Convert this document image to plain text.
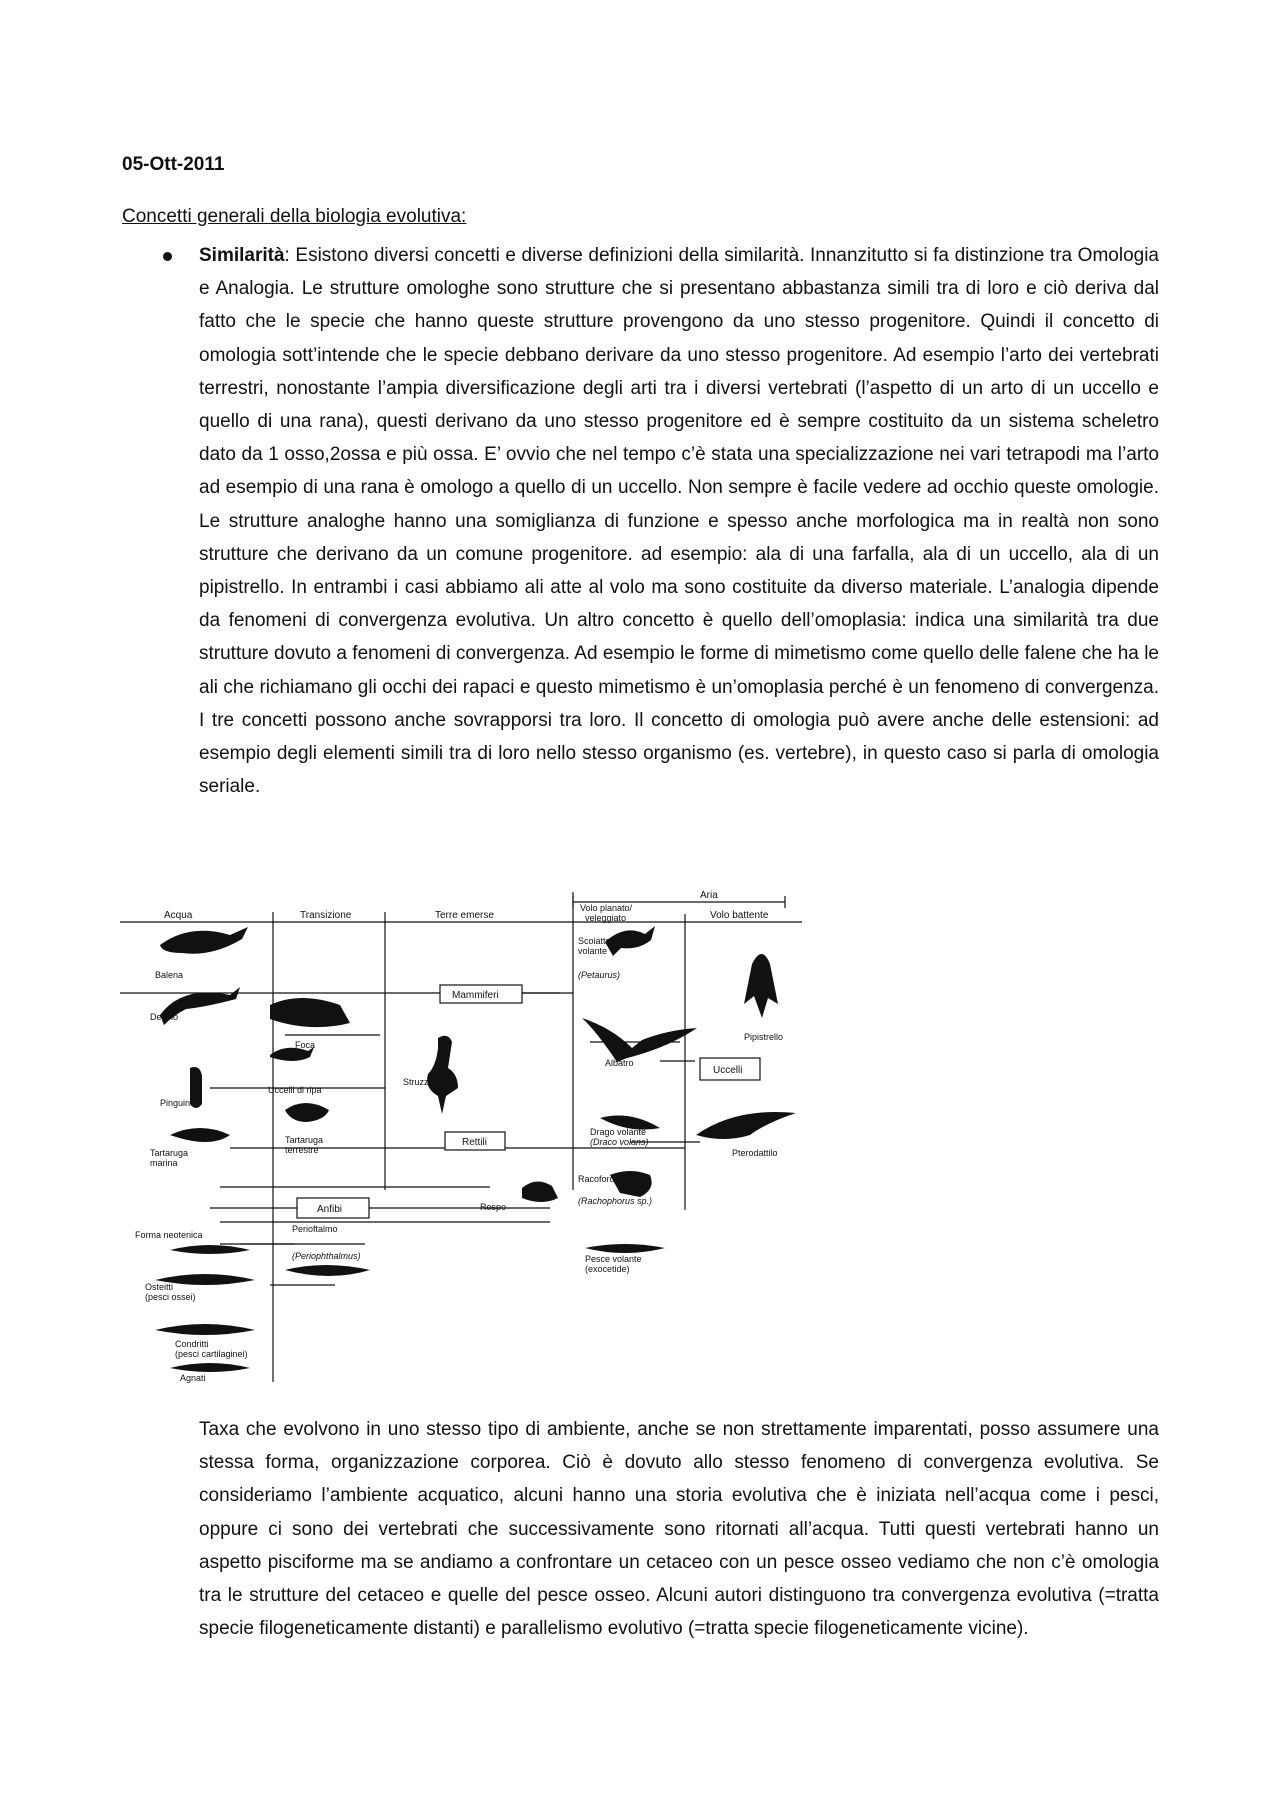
05-Ott-2011
Concetti generali della biologia evolutiva:

Similarità: Esistono diversi concetti e diverse definizioni della similarità. Innanzitutto si fa distinzione tra Omologia e Analogia. Le strutture omologhe sono strutture che si presentano abbastanza simili tra di loro e ciò deriva dal fatto che le specie che hanno queste strutture provengono da uno stesso progenitore. Quindi il concetto di omologia sott’intende che le specie debbano derivare da uno stesso progenitore. Ad esempio l’arto dei vertebrati terrestri, nonostante l’ampia diversificazione degli arti tra i diversi vertebrati (l’aspetto di un arto di un uccello e quello di una rana), questi derivano da uno stesso progenitore ed è sempre costituito da un sistema scheletro dato da 1 osso,2ossa e più ossa. E’ ovvio che nel tempo c’è stata una specializzazione nei vari tetrapodi ma l’arto ad esempio di una rana è omologo a quello di un uccello. Non sempre è facile vedere ad occhio queste omologie. Le strutture analoghe hanno una somiglianza di funzione e spesso anche morfologica ma in realtà non sono strutture che derivano da un comune progenitore. ad esempio: ala di una farfalla, ala di un uccello, ala di un pipistrello. In entrambi i casi abbiamo ali atte al volo ma sono costituite da diverso materiale. L’analogia dipende da fenomeni di convergenza evolutiva. Un altro concetto è quello dell’omoplasia: indica una similarità tra due strutture dovuto a fenomeni di convergenza. Ad esempio le forme di mimetismo come quello delle falene che ha le ali che richiamano gli occhi dei rapaci e questo mimetismo è un’omoplasia perché è un fenomeno di convergenza. I tre concetti possono anche sovrapporsi tra loro. Il concetto di omologia può avere anche delle estensioni: ad esempio degli elementi simili tra di loro nello stesso organismo (es. vertebre), in questo caso si parla di omologia seriale.

Aria
Acqua	Transizione	Terre emerse
Volo planato/
veleggiato	Volo battente
Mammiferi
Uccelli
Rettili
Anfibi
Balena
Delfino
Foca
Scoiattolo
volante
(Petaurus)
Pipistrello
Albatro
Struzzo
Uccelli di ripa
Pinguino
Tartaruga
terrestre
Tartaruga
marina
Drago volante
(Draco volans)
Pterodattilo
Racoforo
(Rachophorus sp.)
Rospo
Forma neotenica
Perioftalmo
(Periophthalmus)	Pesce volante
(exocetide)
Osteitti
(pesci ossei)
Condritti
(pesci cartilaginei)
Agnati

Taxa che evolvono in uno stesso tipo di ambiente, anche se non strettamente imparentati, posso assumere una stessa forma, organizzazione corporea. Ciò è dovuto allo stesso fenomeno di convergenza evolutiva. Se consideriamo l’ambiente acquatico, alcuni hanno una storia evolutiva che è iniziata nell’acqua come i pesci, oppure ci sono dei vertebrati che successivamente sono ritornati all’acqua. Tutti questi vertebrati hanno un aspetto pisciforme ma se andiamo a confrontare un cetaceo con un pesce osseo vediamo che non c’è omologia tra le strutture del cetaceo e quelle del pesce osseo. Alcuni autori distinguono tra convergenza evolutiva (=tratta specie filogeneticamente distanti) e parallelismo evolutivo (=tratta specie filogeneticamente vicine).
